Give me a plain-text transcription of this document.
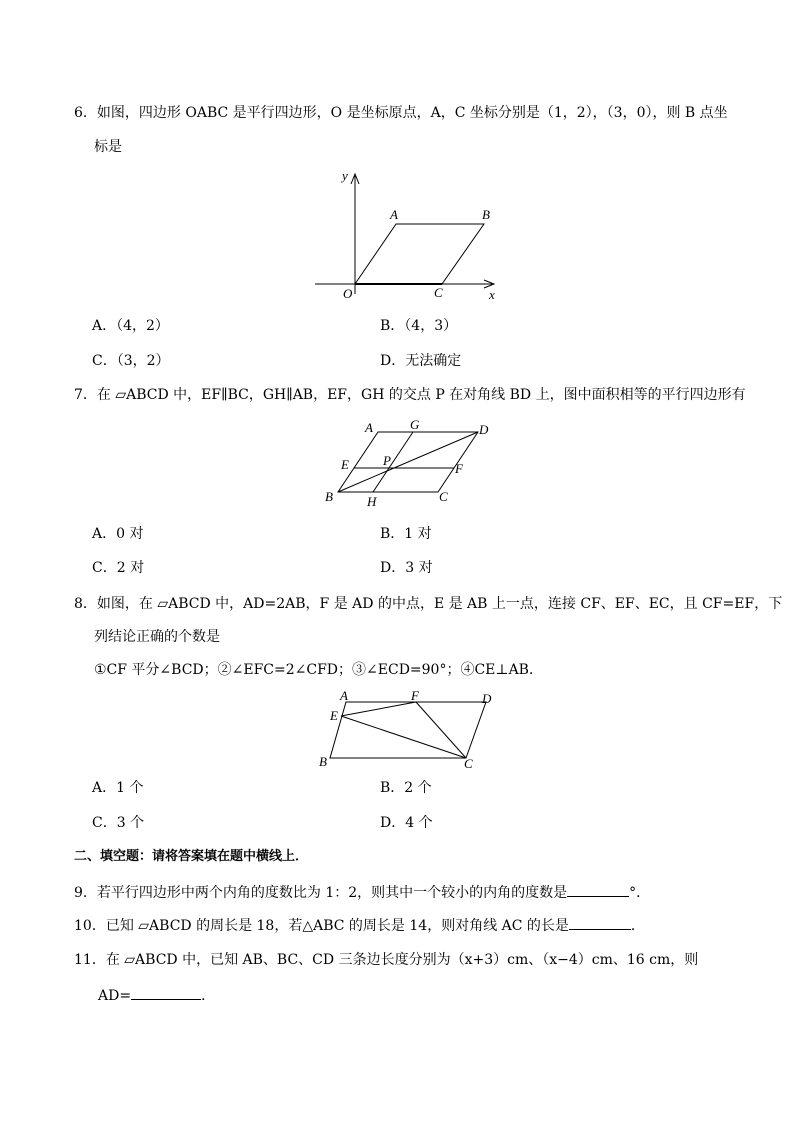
6．如图，四边形 OABC 是平行四边形，O 是坐标原点，A，C 坐标分别是（1，2），（3，0），则 B 点坐
标是
y
x
O
A	B
C
A．（4，2）	B．（4，3）
C．（3，2）	D．无法确定
7．在 ▱ABCD 中，EF∥BC，GH∥AB，EF，GH 的交点 P 在对角线 BD 上，图中面积相等的平行四边形有
A	G	D
E	P
F
B	H	C
A．0 对	B．1 对
C．2 对	D．3 对
8．如图，在 ▱ABCD 中，AD=2AB，F 是 AD 的中点，E 是 AB 上一点，连接 CF、EF、EC，且 CF=EF，下
列结论正确的个数是
①CF 平分∠BCD；②∠EFC=2∠CFD；③∠ECD=90°；④CE⊥AB．
A	F	D
E
B	C
A．1 个	B．2 个
C．3 个	D．4 个
二、填空题：请将答案填在题中横线上．
9．若平行四边形中两个内角的度数比为 1：2，则其中一个较小的内角的度数是	°．
10．已知 ▱ABCD 的周长是 18，若△ABC 的周长是 14，则对角线 AC 的长是	．
11．在 ▱ABCD 中，已知 AB、BC、CD 三条边长度分别为（x+3）cm、（x−4）cm、16 cm，则
AD=	．
